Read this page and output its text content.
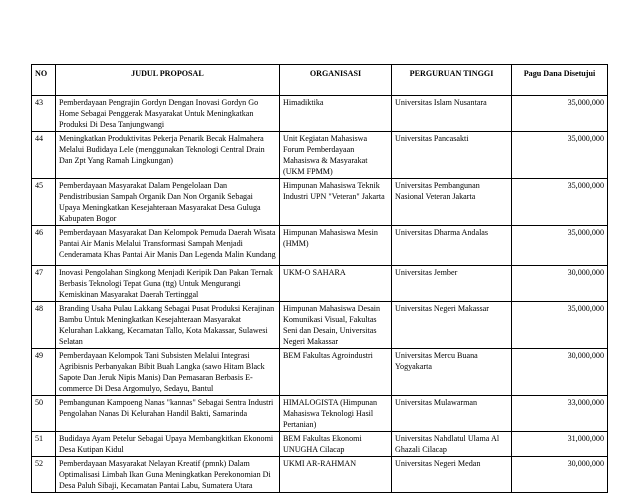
NO	JUDUL PROPOSAL	ORGANISASI	PERGURUAN TINGGI	Pagu Dana Disetujui
43	Pemberdayaan Pengrajin Gordyn Dengan Inovasi Gordyn Go Home Sebagai Penggerak Masyarakat Untuk Meningkatkan Produksi Di Desa Tanjungwangi	Himadiktika	Universitas Islam Nusantara	35,000,000
44	Meningkatkan Produktivitas Pekerja Penarik Becak Halmahera Melalui Budidaya Lele (menggunakan Teknologi Central Drain Dan Zpt Yang Ramah Lingkungan)	Unit Kegiatan Mahasiswa Forum Pemberdayaan Mahasiswa & Masyarakat (UKM FPMM)	Universitas Pancasakti	35,000,000
45	Pemberdayaan Masyarakat Dalam Pengelolaan Dan Pendistribusian Sampah Organik Dan Non Organik Sebagai Upaya Meningkatkan Kesejahteraan Masyarakat Desa Guluga Kabupaten Bogor	Himpunan Mahasiswa Teknik Industri UPN "Veteran" Jakarta	Universitas Pembangunan Nasional Veteran Jakarta	35,000,000
46	Pemberdayaan Masyarakat Dan Kelompok Pemuda Daerah Wisata Pantai Air Manis Melalui Transformasi Sampah Menjadi Cenderamata Khas Pantai Air Manis Dan Legenda Malin Kundang	Himpunan Mahasiswa Mesin (HMM)	Universitas Dharma Andalas	35,000,000
47	Inovasi Pengolahan Singkong Menjadi Keripik Dan Pakan Ternak Berbasis Teknologi Tepat Guna (ttg) Untuk Mengurangi Kemiskinan Masyarakat Daerah Tertinggal	UKM-O SAHARA	Universitas Jember	30,000,000
48	Branding Usaha Pulau Lakkang Sebagai Pusat Produksi Kerajinan Bambu Untuk Meningkatkan Kesejahteraan Masyarakat Kelurahan Lakkang, Kecamatan Tallo, Kota Makassar, Sulawesi Selatan	Himpunan Mahasiswa Desain Komunikasi Visual, Fakultas Seni dan Desain, Universitas Negeri Makassar	Universitas Negeri Makassar	35,000,000
49	Pemberdayaan Kelompok Tani Subsisten Melalui Integrasi Agribisnis Perbanyakan Bibit Buah Langka (sawo Hitam Black Sapote Dan Jeruk Nipis Manis) Dan Pemasaran Berbasis E-commerce Di Desa Argomulyo, Sedayu, Bantul	BEM Fakultas Agroindustri	Universitas Mercu Buana Yogyakarta	30,000,000
50	Pembangunan Kampoeng Nanas "kannas" Sebagai Sentra Industri Pengolahan Nanas Di Kelurahan Handil Bakti, Samarinda	HIMALOGISTA (Himpunan Mahasiswa Teknologi Hasil Pertanian)	Universitas Mulawarman	33,000,000
51	Budidaya Ayam Petelur Sebagai Upaya Membangkitkan Ekonomi Desa Kutipan Kidul	BEM Fakultas Ekonomi UNUGHA Cilacap	Universitas Nahdlatul Ulama Al Ghazali Cilacap	31,000,000
52	Pemberdayaan Masyarakat Nelayan Kreatif (pmnk) Dalam Optimalisasi Limbah Ikan Guna Meningkatkan Perekonomian Di Desa Paluh Sibaji, Kecamatan Pantai Labu, Sumatera Utara	UKMI AR-RAHMAN	Universitas Negeri Medan	30,000,000
